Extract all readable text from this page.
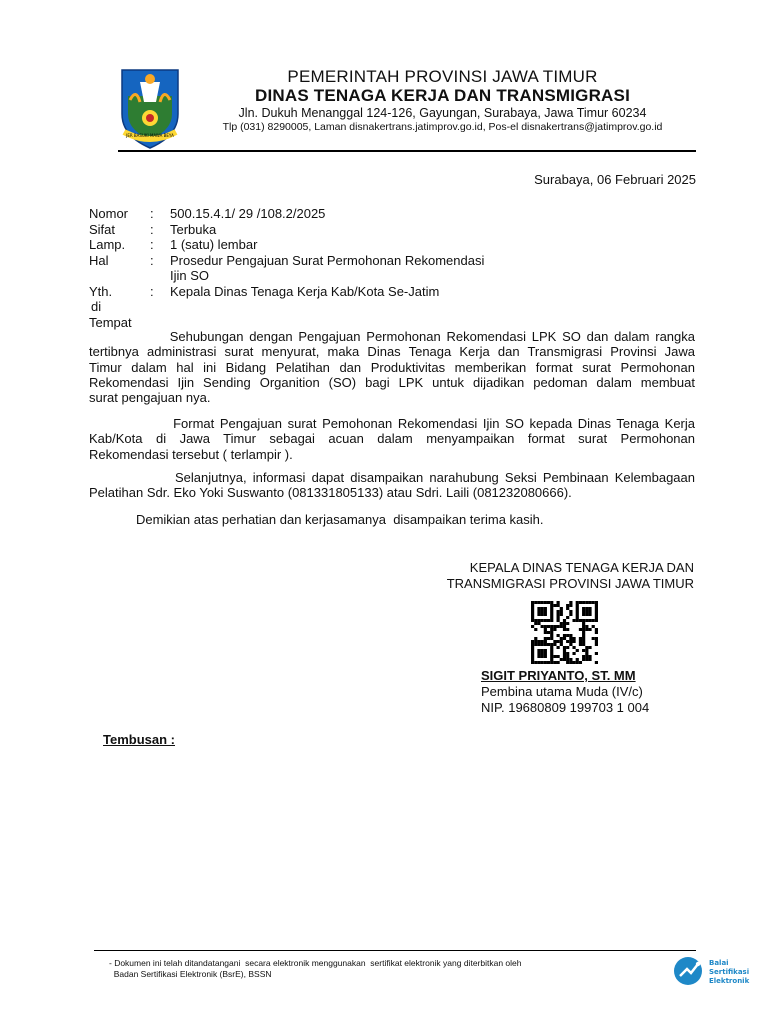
JER BASUKI MAWA BEYA
PEMERINTAH PROVINSI JAWA TIMUR
DINAS TENAGA KERJA DAN TRANSMIGRASI
Jln. Dukuh Menanggal 124-126, Gayungan, Surabaya, Jawa Timur 60234
Tlp (031) 8290005, Laman disnakertrans.jatimprov.go.id, Pos-el disnakertrans@jatimprov.go.id
Surabaya, 06 Februari 2025
Nomor	:	500.15.4.1/ 29 /108.2/2025
Sifat	:	Terbuka
Lamp.	:	1 (satu) lembar
Hal	:	Prosedur Pengajuan Surat Permohonan Rekomendasi
Ijin SO
Yth.	:	Kepala Dinas Tenaga Kerja Kab/Kota Se-Jatim
di
Tempat
Sehubungan dengan Pengajuan Permohonan Rekomendasi LPK SO dan dalam rangka
tertibnya administrasi surat menyurat, maka Dinas Tenaga Kerja dan Transmigrasi Provinsi Jawa
Timur dalam hal ini Bidang Pelatihan dan Produktivitas memberikan format surat Permohonan
Rekomendasi Ijin Sending Organition (SO) bagi LPK untuk dijadikan pedoman dalam membuat
surat pengajuan nya.
Format Pengajuan surat Pemohonan Rekomendasi Ijin SO kepada Dinas Tenaga Kerja
Kab/Kota di Jawa Timur sebagai acuan dalam menyampaikan format surat Permohonan
Rekomendasi tersebut ( terlampir ).
Selanjutnya, informasi dapat disampaikan narahubung Seksi Pembinaan Kelembagaan
Pelatihan Sdr. Eko Yoki Suswanto (081331805133) atau Sdri. Laili (081232080666).
Demikian atas perhatian dan kerjasamanya  disampaikan terima kasih.
KEPALA DINAS TENAGA KERJA DAN
TRANSMIGRASI PROVINSI JAWA TIMUR
SIGIT PRIYANTO, ST. MM
Pembina utama Muda (IV/c)
NIP. 19680809 199703 1 004
Tembusan :
- Dokumen ini telah ditandatangani  secara elektronik menggunakan  sertifikat elektronik yang diterbitkan oleh
Badan Sertifikasi Elektronik (BsrE), BSSN
Balai
Sertifikasi
Elektronik
